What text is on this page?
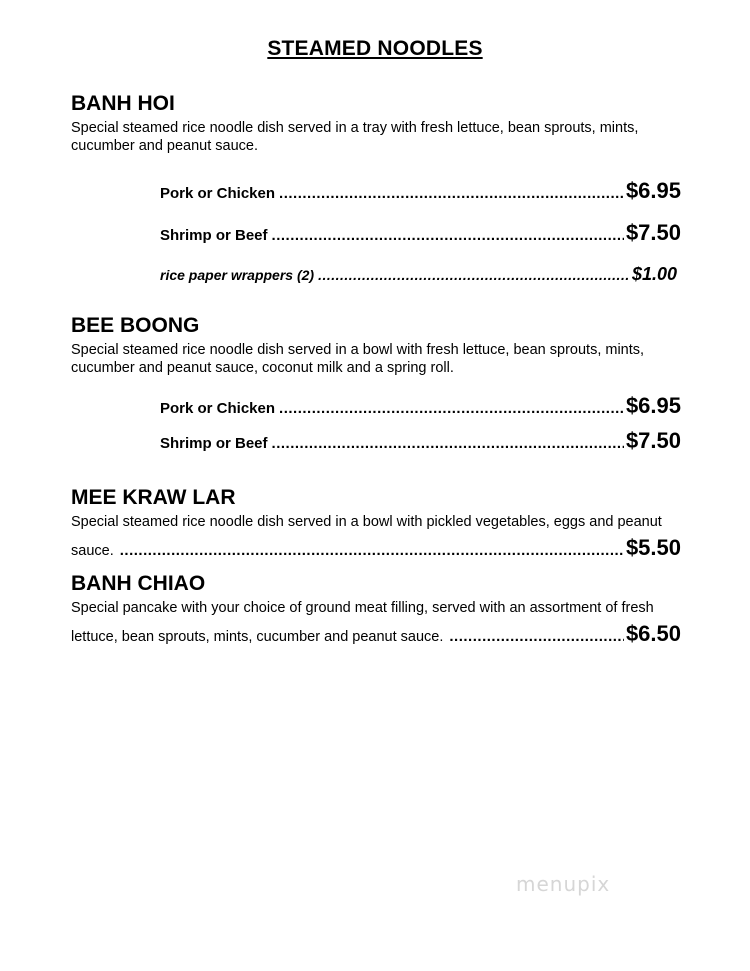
STEAMED NOODLES
BANH HOI
Special steamed rice noodle dish served in a tray with fresh lettuce, bean sprouts, mints, cucumber and peanut sauce.
Pork or Chicken .....	$6.95
Shrimp or Beef .....	$7.50
rice paper wrappers (2) .....	$1.00
BEE BOONG
Special steamed rice noodle dish served in a bowl with fresh lettuce, bean sprouts, mints, cucumber and peanut sauce, coconut milk and a spring roll.
Pork or Chicken .....	$6.95
Shrimp or Beef .....	$7.50
MEE KRAW LAR
Special steamed rice noodle dish served in a bowl with pickled vegetables, eggs and peanut
sauce. .....	$5.50
BANH CHIAO
Special pancake with your choice of ground meat filling, served with an assortment of fresh
lettuce, bean sprouts, mints, cucumber and peanut sauce. .....	$6.50
menupix
